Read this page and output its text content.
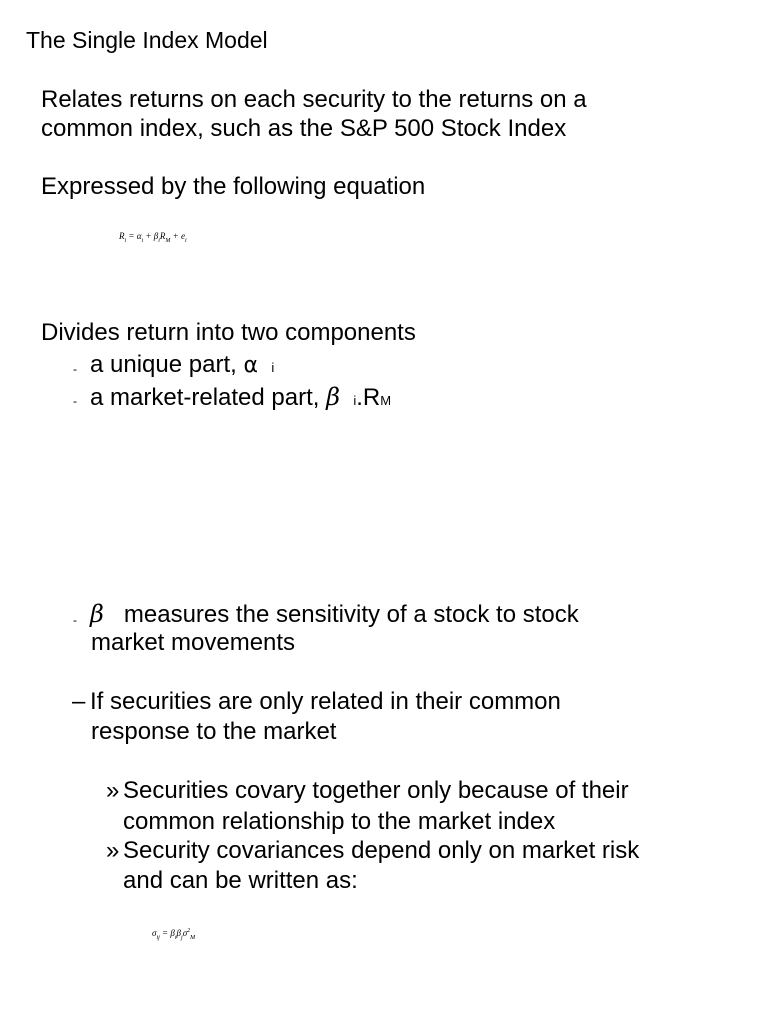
The Single Index Model
Relates returns on each security to the returns on a
common index, such as the S&P 500 Stock Index
Expressed by the following equation
$R_i = \alpha_i + \beta_iR_M + e_i$
Divides return into two components
- a unique part, α i
- a market-related part, β i.RM
- β   measures the sensitivity of a stock to stock
market movements
– If securities are only related in their common
response to the market
» Securities covary together only because of their
common relationship to the market index
» Security covariances depend only on market risk
and can be written as:
$\sigma_{ij} = \beta_i\beta_j\sigma^2_M$
